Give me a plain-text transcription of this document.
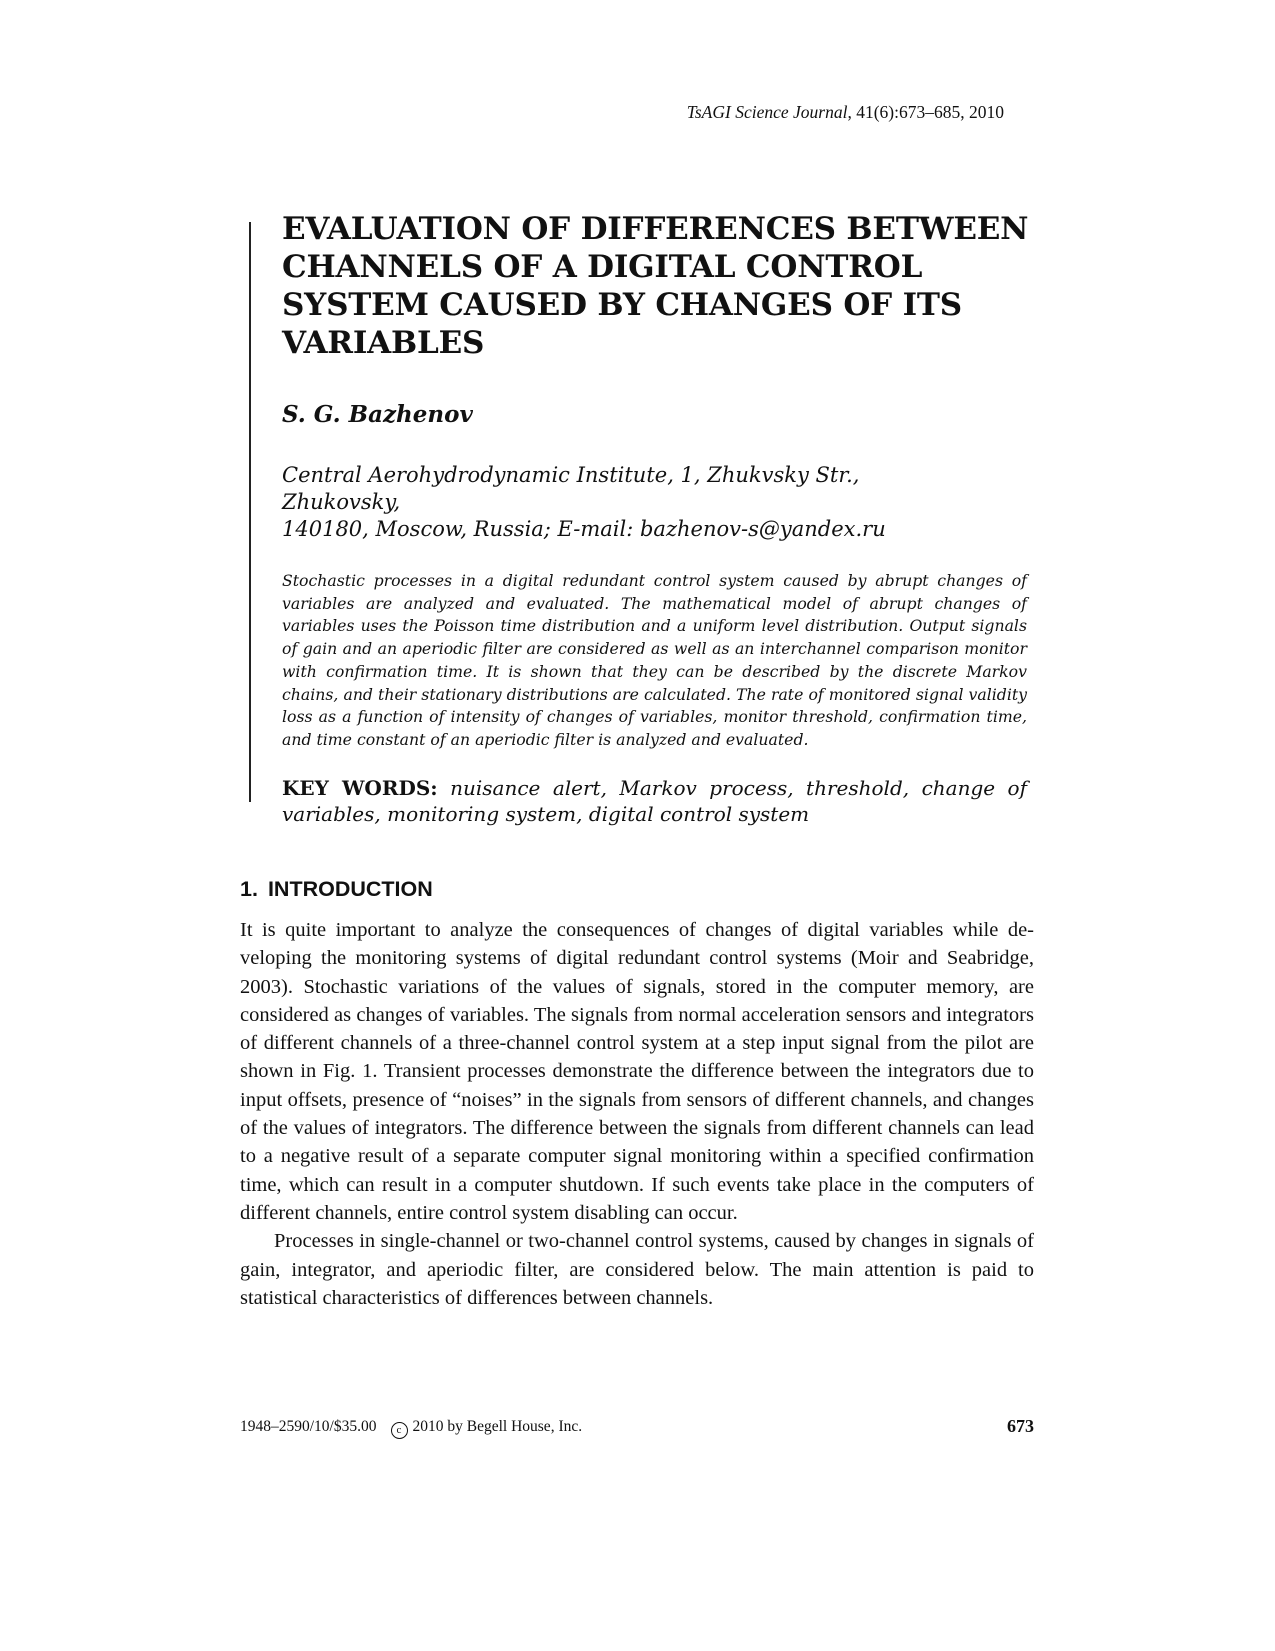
TsAGI Science Journal, 41(6):673–685, 2010
EVALUATION OF DIFFERENCES BETWEEN CHANNELS OF A DIGITAL CONTROL SYSTEM CAUSED BY CHANGES OF ITS VARIABLES
S. G. Bazhenov
Central Aerohydrodynamic Institute, 1, Zhukvsky Str., Zhukovsky,
140180, Moscow, Russia; E-mail: bazhenov-s@yandex.ru
Stochastic processes in a digital redundant control system caused by abrupt changes of variables are analyzed and evaluated. The mathematical model of abrupt changes of variables uses the Poisson time distribution and a uniform level distribution. Output signals of gain and an aperiodic filter are considered as well as an interchannel comparison monitor with confirmation time. It is shown that they can be described by the discrete Markov chains, and their stationary distributions are calculated. The rate of monitored signal validity loss as a function of intensity of changes of variables, monitor threshold, confirmation time, and time constant of an aperiodic filter is analyzed and evaluated.
KEY WORDS: nuisance alert, Markov process, threshold, change of variables, monitoring system, digital control system
1. INTRODUCTION

It is quite important to analyze the consequences of changes of digital variables while developing the monitoring systems of digital redundant control systems (Moir and Seabridge, 2003). Stochastic variations of the values of signals, stored in the computer memory, are considered as changes of variables. The signals from normal acceleration sensors and integrators of different channels of a three-channel control system at a step input signal from the pilot are shown in Fig. 1. Transient processes demonstrate the difference between the integrators due to input offsets, presence of “noises” in the signals from sensors of different channels, and changes of the values of integrators. The difference between the signals from different channels can lead to a negative result of a separate computer signal monitoring within a specified confirmation time, which can result in a computer shutdown. If such events take place in the computers of different channels, entire control system disabling can occur.

Processes in single-channel or two-channel control systems, caused by changes in signals of gain, integrator, and aperiodic filter, are considered below. The main attention is paid to statistical characteristics of differences between channels.

1948–2590/10/$35.00 c 2010 by Begell House, Inc.	673
